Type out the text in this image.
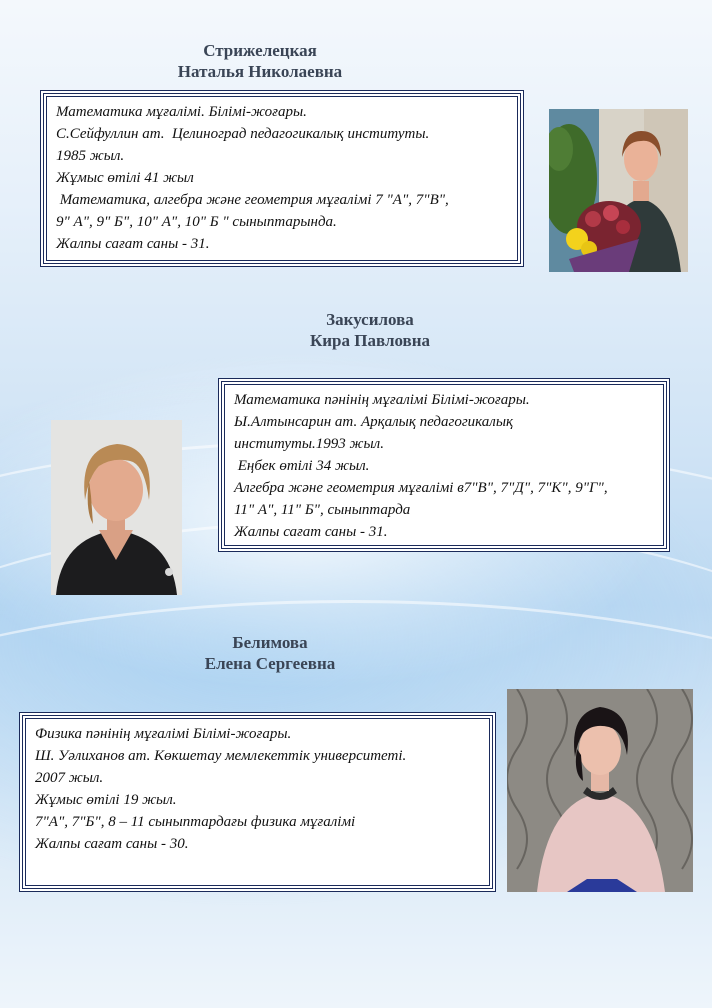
Стрижелецкая
Наталья Николаевна
Математика мұғалімі. Білімі-жоғары.
С.Сейфуллин ат.  Целиноград педагогикалық институты.
1985 жыл.
Жұмыс өтілі 41 жыл
Математика, алгебра және геометрия мұғалімі 7 "А", 7"В",
9" А", 9" Б", 10" А", 10" Б " сыныптарында.
Жалпы сағат саны - 31.
Закусилова
Кира Павловна
Математика пәнінің мұғалімі Білімі-жоғары.
Ы.Алтынсарин ат. Арқалық педагогикалық
институты.1993 жыл.
Еңбек өтілі 34 жыл.
Алгебра және геометрия мұғалімі в7"В", 7"Д", 7"К", 9"Г",
11" А", 11" Б", сыныптарда
Жалпы сағат саны - 31.
Белимова
Елена Сергеевна
Физика пәнінің мұғалімі Білімі-жоғары.
Ш. Уәлиханов ат. Көкшетау мемлекеттік университеті.
2007 жыл.
Жұмыс өтілі 19 жыл.
7"А", 7"Б", 8 – 11 сыныптардағы физика мұғалімі
Жалпы сағат саны - 30.
